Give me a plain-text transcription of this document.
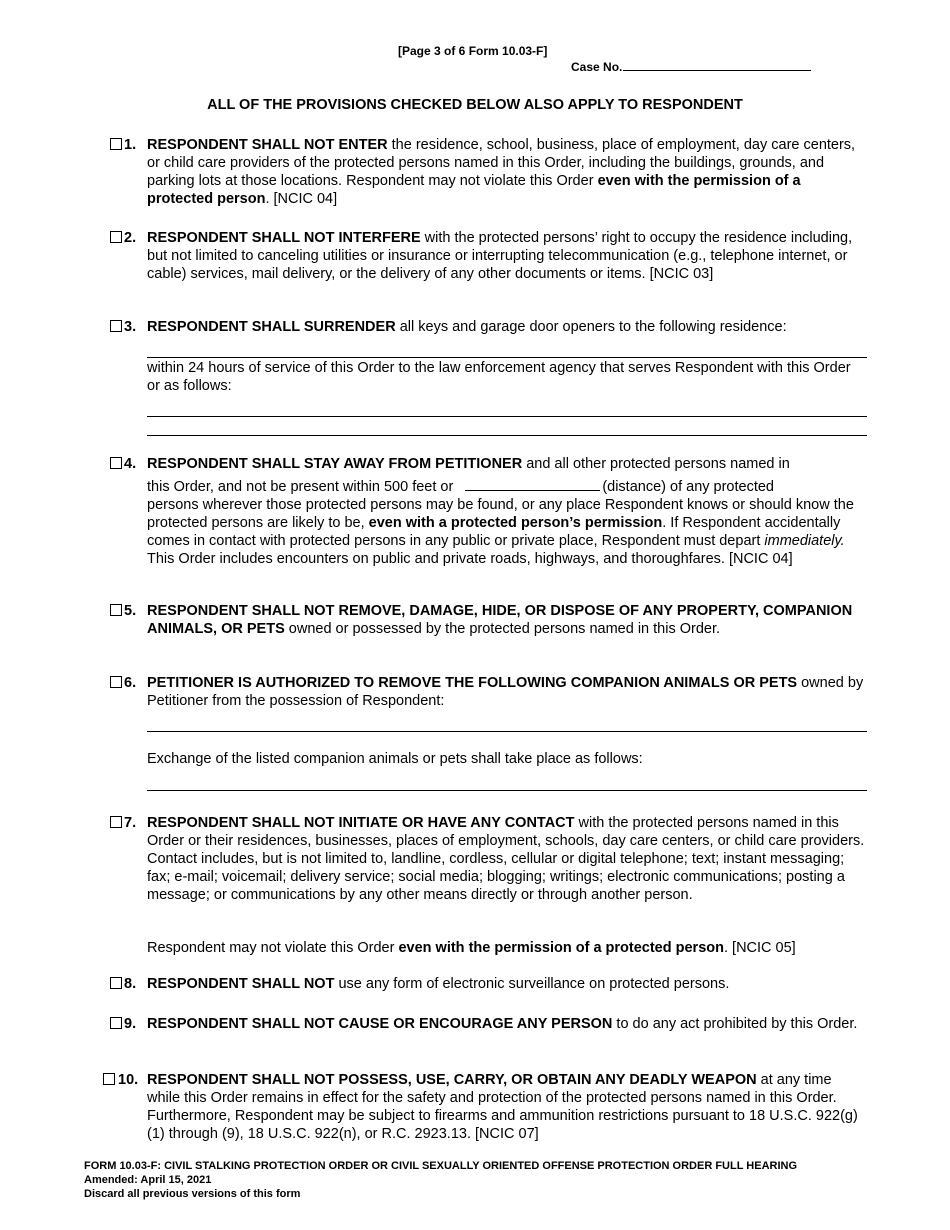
[Page 3 of 6 Form 10.03-F]
Case No.
ALL OF THE PROVISIONS CHECKED BELOW ALSO APPLY TO RESPONDENT
1. RESPONDENT SHALL NOT ENTER the residence, school, business, place of employment, day care centers, or child care providers of the protected persons named in this Order, including the buildings, grounds, and parking lots at those locations. Respondent may not violate this Order even with the permission of a protected person. [NCIC 04]
2. RESPONDENT SHALL NOT INTERFERE with the protected persons’ right to occupy the residence including, but not limited to canceling utilities or insurance or interrupting telecommunication (e.g., telephone internet, or cable) services, mail delivery, or the delivery of any other documents or items. [NCIC 03]
3. RESPONDENT SHALL SURRENDER all keys and garage door openers to the following residence:
within 24 hours of service of this Order to the law enforcement agency that serves Respondent with this Order or as follows:
4. RESPONDENT SHALL STAY AWAY FROM PETITIONER and all other protected persons named in
this Order, and not be present within 500 feet or	(distance) of any protected
persons wherever those protected persons may be found, or any place Respondent knows or should know the protected persons are likely to be, even with a protected person’s permission. If Respondent accidentally comes in contact with protected persons in any public or private place, Respondent must depart immediately. This Order includes encounters on public and private roads, highways, and thoroughfares. [NCIC 04]
5. RESPONDENT SHALL NOT REMOVE, DAMAGE, HIDE, OR DISPOSE OF ANY PROPERTY, COMPANION ANIMALS, OR PETS owned or possessed by the protected persons named in this Order.
6. PETITIONER IS AUTHORIZED TO REMOVE THE FOLLOWING COMPANION ANIMALS OR PETS owned by Petitioner from the possession of Respondent:
Exchange of the listed companion animals or pets shall take place as follows:
7. RESPONDENT SHALL NOT INITIATE OR HAVE ANY CONTACT with the protected persons named in this Order or their residences, businesses, places of employment, schools, day care centers, or child care providers. Contact includes, but is not limited to, landline, cordless, cellular or digital telephone; text; instant messaging; fax; e-mail; voicemail; delivery service; social media; blogging; writings; electronic communications; posting a message; or communications by any other means directly or through another person.
Respondent may not violate this Order even with the permission of a protected person. [NCIC 05]
8. RESPONDENT SHALL NOT use any form of electronic surveillance on protected persons.
9. RESPONDENT SHALL NOT CAUSE OR ENCOURAGE ANY PERSON to do any act prohibited by this Order.
10. RESPONDENT SHALL NOT POSSESS, USE, CARRY, OR OBTAIN ANY DEADLY WEAPON at any time while this Order remains in effect for the safety and protection of the protected persons named in this Order. Furthermore, Respondent may be subject to firearms and ammunition restrictions pursuant to 18 U.S.C. 922(g)(1) through (9), 18 U.S.C. 922(n), or R.C. 2923.13. [NCIC 07]
FORM 10.03-F: CIVIL STALKING PROTECTION ORDER OR CIVIL SEXUALLY ORIENTED OFFENSE PROTECTION ORDER FULL HEARING
Amended: April 15, 2021
Discard all previous versions of this form
